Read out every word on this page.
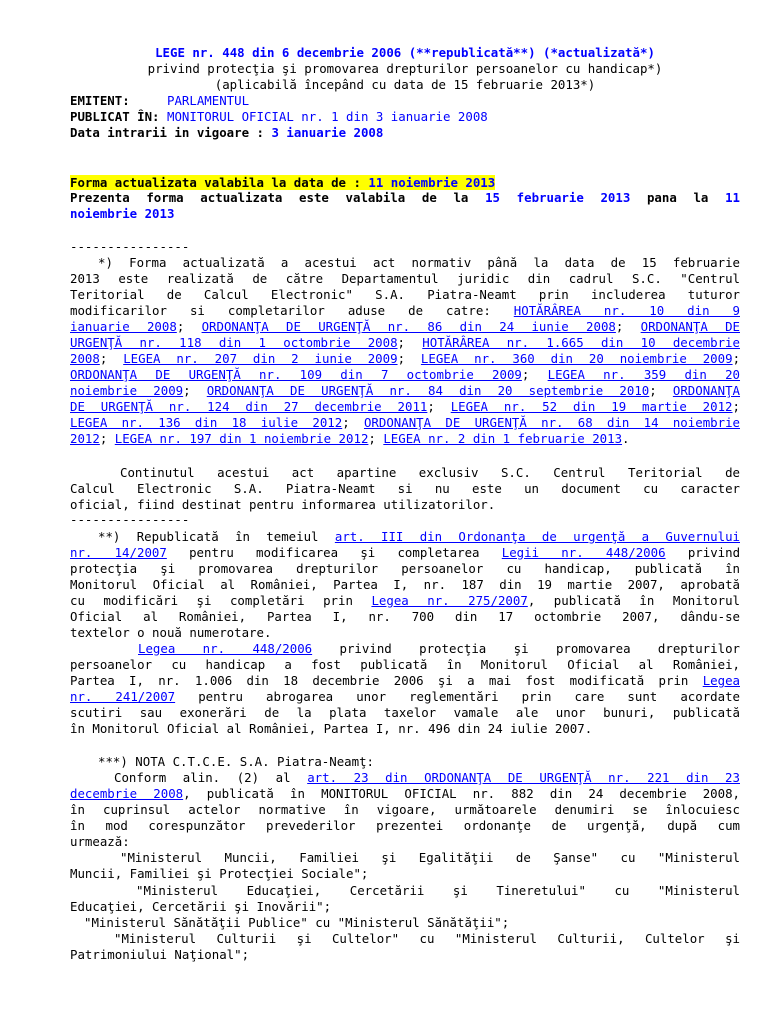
LEGE nr. 448 din 6 decembrie 2006 (**republicată**) (*actualizată*)
privind protecţia şi promovarea drepturilor persoanelor cu handicap*)
(aplicabilă începând cu data de 15 februarie 2013*)
EMITENT:	PARLAMENTUL
PUBLICAT ÎN: MONITORUL OFICIAL nr. 1 din 3 ianuarie 2008
Data intrarii in vigoare : 3 ianuarie 2008
Forma actualizata valabila la data de : 11 noiembrie 2013
Prezenta forma actualizata este valabila de la 15 februarie 2013 pana la 11
noiembrie 2013
----------------
*) Forma actualizată a acestui act normativ până la data de 15 februarie
2013 este realizată de către Departamentul juridic din cadrul S.C. "Centrul
Teritorial de Calcul Electronic" S.A. Piatra-Neamt prin includerea tuturor
modificarilor si completarilor aduse de catre: HOTĂRÂREA nr. 10 din 9
ianuarie 2008; ORDONANŢA DE URGENŢĂ nr. 86 din 24 iunie 2008; ORDONANŢA DE
URGENŢĂ nr. 118 din 1 octombrie 2008; HOTĂRÂREA nr. 1.665 din 10 decembrie
2008; LEGEA nr. 207 din 2 iunie 2009; LEGEA nr. 360 din 20 noiembrie 2009;
ORDONANŢA DE URGENŢĂ nr. 109 din 7 octombrie 2009; LEGEA nr. 359 din 20
noiembrie 2009; ORDONANŢA DE URGENŢĂ nr. 84 din 20 septembrie 2010; ORDONANŢA
DE URGENŢĂ nr. 124 din 27 decembrie 2011; LEGEA nr. 52 din 19 martie 2012;
LEGEA nr. 136 din 18 iulie 2012; ORDONANŢA DE URGENŢĂ nr. 68 din 14 noiembrie
2012; LEGEA nr. 197 din 1 noiembrie 2012; LEGEA nr. 2 din 1 februarie 2013.
Continutul acestui act apartine exclusiv S.C. Centrul Teritorial de
Calcul Electronic S.A. Piatra-Neamt si nu este un document cu caracter
oficial, fiind destinat pentru informarea utilizatorilor.
----------------
**) Republicată în temeiul art. III din Ordonanţa de urgenţă a Guvernului
nr. 14/2007 pentru modificarea şi completarea Legii nr. 448/2006 privind
protecţia şi promovarea drepturilor persoanelor cu handicap, publicată în
Monitorul Oficial al României, Partea I, nr. 187 din 19 martie 2007, aprobată
cu modificări şi completări prin Legea nr. 275/2007, publicată în Monitorul
Oficial al României, Partea I, nr. 700 din 17 octombrie 2007, dându-se
textelor o nouă numerotare.
Legea nr. 448/2006 privind protecţia şi promovarea drepturilor
persoanelor cu handicap a fost publicată în Monitorul Oficial al României,
Partea I, nr. 1.006 din 18 decembrie 2006 şi a mai fost modificată prin Legea
nr. 241/2007 pentru abrogarea unor reglementări prin care sunt acordate
scutiri sau exonerări de la plata taxelor vamale ale unor bunuri, publicată
în Monitorul Oficial al României, Partea I, nr. 496 din 24 iulie 2007.
***) NOTA C.T.C.E. S.A. Piatra-Neamţ:
Conform alin. (2) al art. 23 din ORDONANŢA DE URGENŢĂ nr. 221 din 23
decembrie 2008, publicată în MONITORUL OFICIAL nr. 882 din 24 decembrie 2008,
în cuprinsul actelor normative în vigoare, următoarele denumiri se înlocuiesc
în mod corespunzător prevederilor prezentei ordonanţe de urgenţă, după cum
urmează:
"Ministerul Muncii, Familiei şi Egalităţii de Şanse" cu "Ministerul
Muncii, Familiei şi Protecţiei Sociale";
"Ministerul Educaţiei, Cercetării şi Tineretului" cu "Ministerul
Educaţiei, Cercetării şi Inovării";
"Ministerul Sănătăţii Publice" cu "Ministerul Sănătăţii";
"Ministerul Culturii şi Cultelor" cu "Ministerul Culturii, Cultelor şi
Patrimoniului Naţional";
